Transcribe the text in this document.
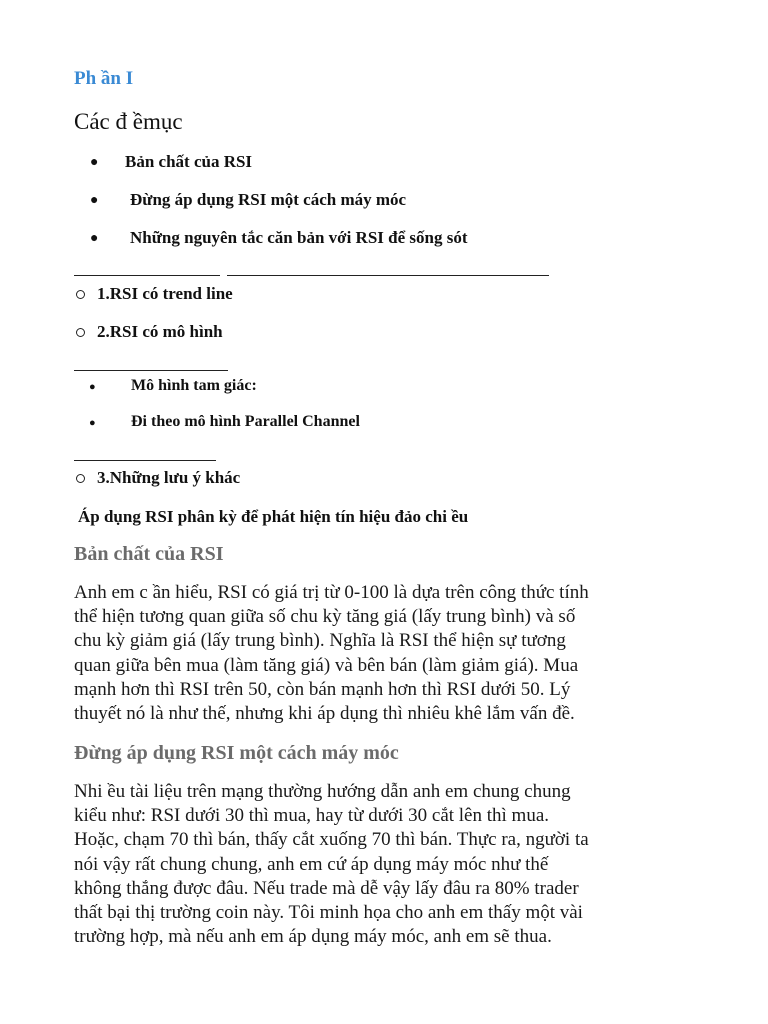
Ph ần I
Các đ ềmục
● Bản chất của RSI
● Đừng áp dụng RSI một cách máy móc
● Những nguyên tắc căn bản với RSI để sống sót
1.RSI có trend line
2.RSI có mô hình
● Mô hình tam giác:
● Đi theo mô hình Parallel Channel
3.Những lưu ý khác
Áp dụng RSI phân kỳ để phát hiện tín hiệu đảo chi ều
Bản chất của RSI
Anh em c ần hiểu, RSI có giá trị từ 0-100 là dựa trên công thức tính
thể hiện tương quan giữa số chu kỳ tăng giá (lấy trung bình) và số
chu kỳ giảm giá (lấy trung bình). Nghĩa là RSI thể hiện sự tương
quan giữa bên mua (làm tăng giá) và bên bán (làm giảm giá). Mua
mạnh hơn thì RSI trên 50, còn bán mạnh hơn thì RSI dưới 50. Lý
thuyết nó là như thế, nhưng khi áp dụng thì nhiêu khê lắm vấn đề.
Đừng áp dụng RSI một cách máy móc
Nhi ều tài liệu trên mạng thường hướng dẫn anh em chung chung
kiểu như: RSI dưới 30 thì mua, hay từ dưới 30 cắt lên thì mua.
Hoặc, chạm 70 thì bán, thấy cắt xuống 70 thì bán. Thực ra, người ta
nói vậy rất chung chung, anh em cứ áp dụng máy móc như thế
không thắng được đâu. Nếu trade mà dễ vậy lấy đâu ra 80% trader
thất bại thị trường coin này. Tôi minh họa cho anh em thấy một vài
trường hợp, mà nếu anh em áp dụng máy móc, anh em sẽ thua.
